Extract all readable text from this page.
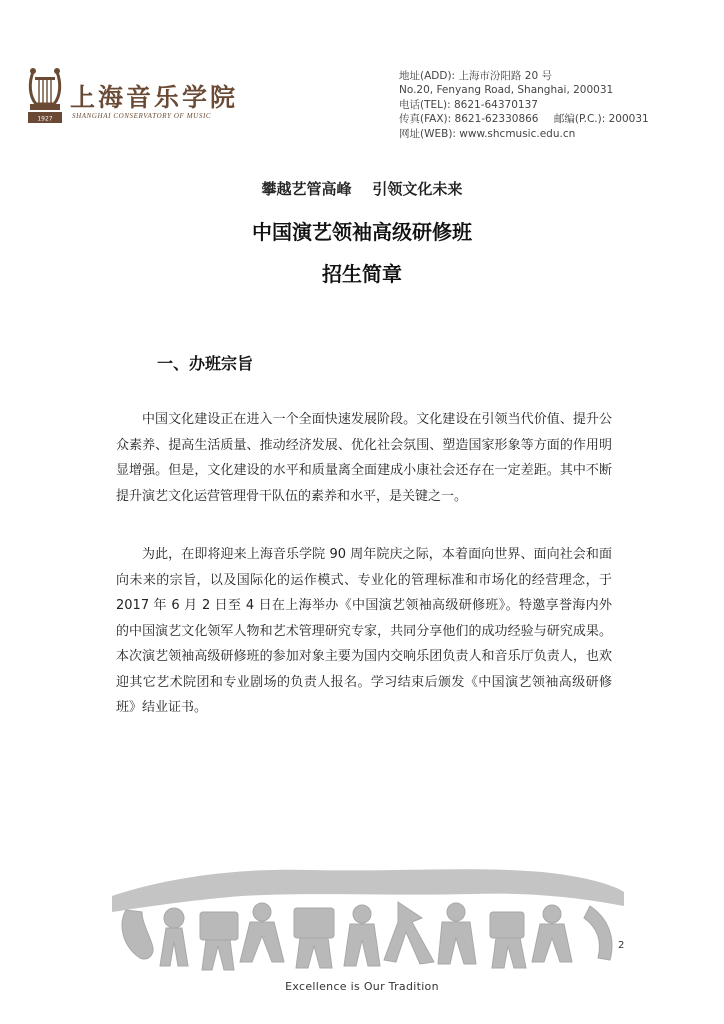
1927
上海音乐学院
SHANGHAI CONSERVATORY OF MUSIC
地址(ADD): 上海市汾阳路 20 号
No.20, Fenyang Road, Shanghai, 200031
电话(TEL): 8621-64370137
传真(FAX): 8621-62330866 邮编(P.C.): 200031
网址(WEB): www.shcmusic.edu.cn
攀越艺管高峰    引领文化未来
中国演艺领袖高级研修班
招生简章
一、办班宗旨

中国文化建设正在进入一个全面快速发展阶段。文化建设在引领当代价值、提升公众素养、提高生活质量、推动经济发展、优化社会氛围、塑造国家形象等方面的作用明显增强。但是，文化建设的水平和质量离全面建成小康社会还存在一定差距。其中不断提升演艺文化运营管理骨干队伍的素养和水平，是关键之一。

为此，在即将迎来上海音乐学院 90 周年院庆之际，本着面向世界、面向社会和面向未来的宗旨，以及国际化的运作模式、专业化的管理标准和市场化的经营理念，于 2017 年 6 月 2 日至 4 日在上海举办《中国演艺领袖高级研修班》。特邀享誉海内外的中国演艺文化领军人物和艺术管理研究专家，共同分享他们的成功经验与研究成果。本次演艺领袖高级研修班的参加对象主要为国内交响乐团负责人和音乐厅负责人，也欢迎其它艺术院团和专业剧场的负责人报名。学习结束后颁发《中国演艺领袖高级研修班》结业证书。

2
Excellence is Our Tradition
